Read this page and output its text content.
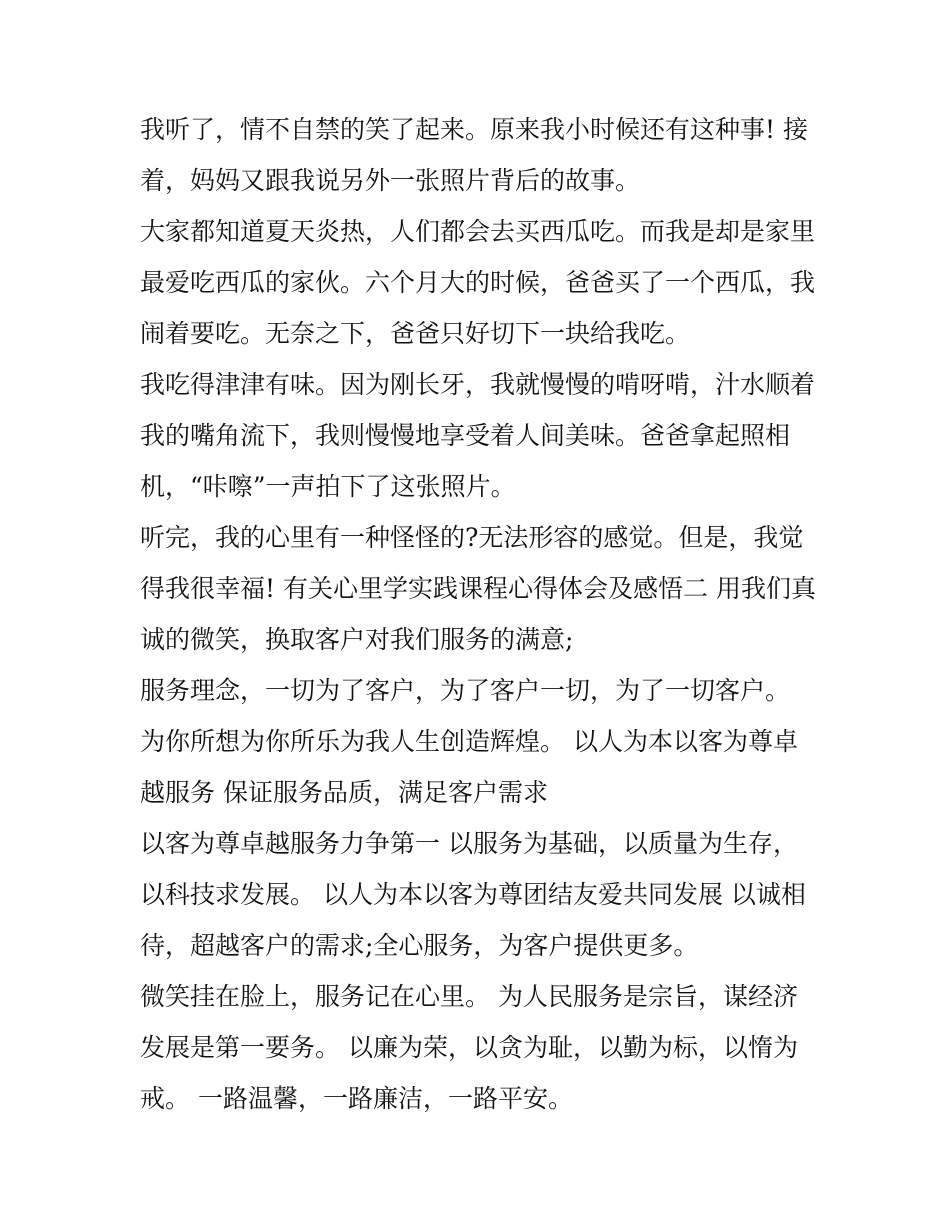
我听了，情不自禁的笑了起来。原来我小时候还有这种事! 接
着，妈妈又跟我说另外一张照片背后的故事。
大家都知道夏天炎热，人们都会去买西瓜吃。而我是却是家里
最爱吃西瓜的家伙。六个月大的时候，爸爸买了一个西瓜，我
闹着要吃。无奈之下，爸爸只好切下一块给我吃。
我吃得津津有味。因为刚长牙，我就慢慢的啃呀啃，汁水顺着
我的嘴角流下，我则慢慢地享受着人间美味。爸爸拿起照相
机，“咔嚓”一声拍下了这张照片。
听完，我的心里有一种怪怪的?无法形容的感觉。但是，我觉
得我很幸福! 有关心里学实践课程心得体会及感悟二 用我们真
诚的微笑，换取客户对我们服务的满意;
服务理念，一切为了客户，为了客户一切，为了一切客户。
为你所想为你所乐为我人生创造辉煌。 以人为本以客为尊卓
越服务 保证服务品质，满足客户需求
以客为尊卓越服务力争第一 以服务为基础，以质量为生存，
以科技求发展。 以人为本以客为尊团结友爱共同发展 以诚相
待，超越客户的需求;全心服务，为客户提供更多。
微笑挂在脸上，服务记在心里。 为人民服务是宗旨，谋经济
发展是第一要务。 以廉为荣，以贪为耻，以勤为标，以惰为
戒。 一路温馨，一路廉洁，一路平安。
